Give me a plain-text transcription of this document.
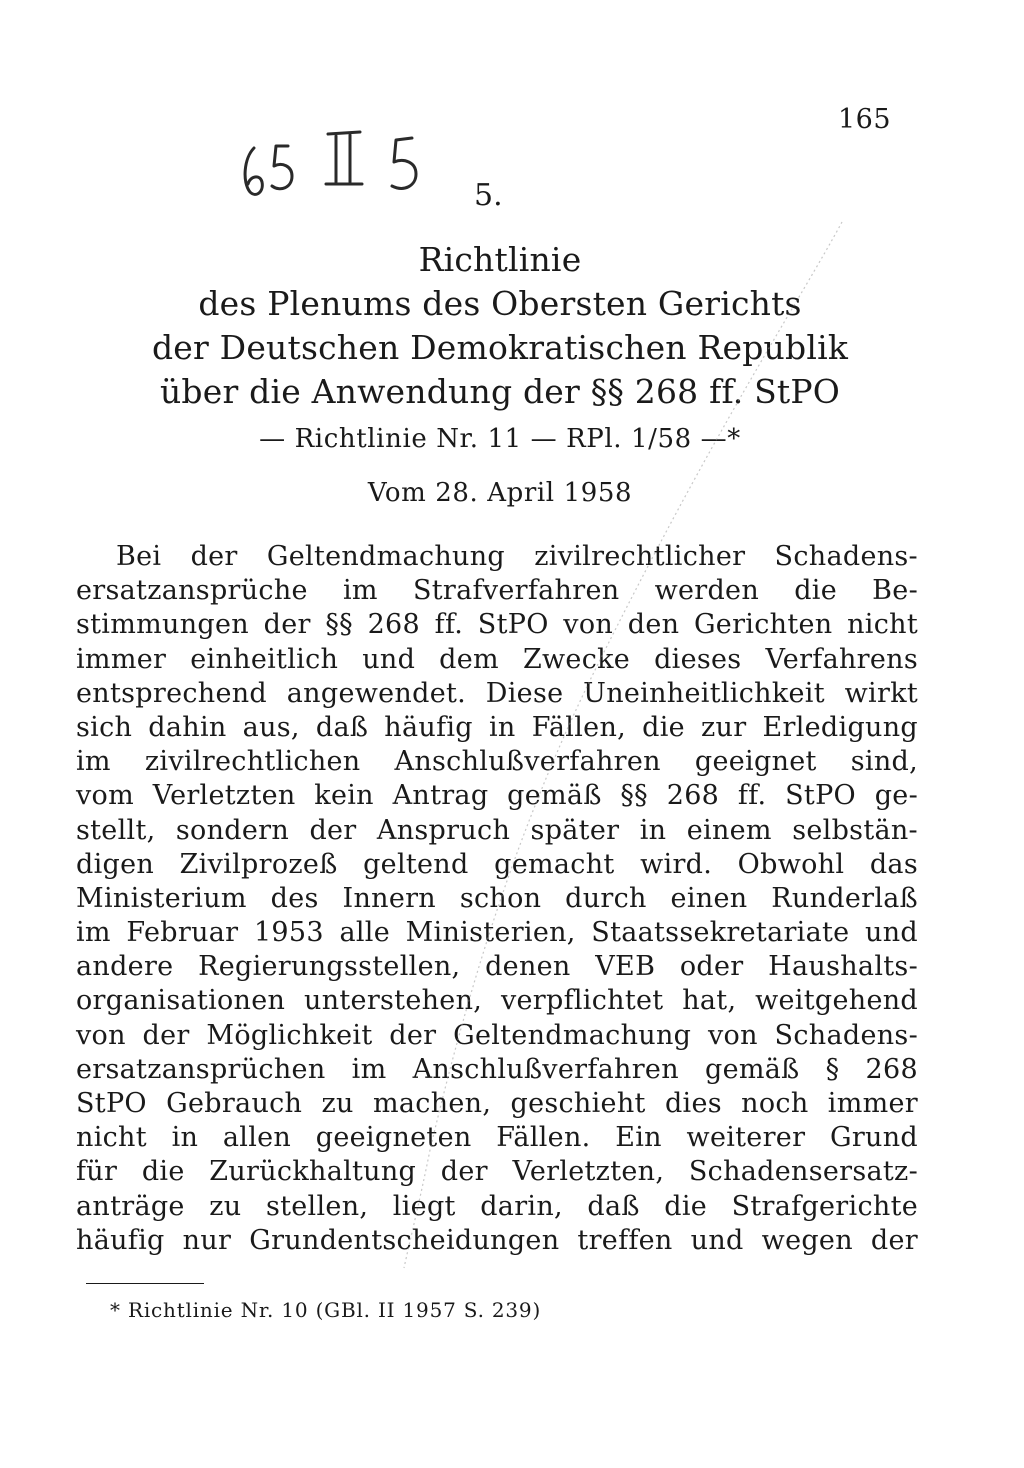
165
5.
Richtlinie
des Plenums des Obersten Gerichts
der Deutschen Demokratischen Republik
über die Anwendung der §§ 268 ff. StPO
— Richtlinie Nr. 11 — RPl. 1/58 —*
Vom 28. April 1958
Bei der Geltendmachung zivilrechtlicher Schadens-
ersatzansprüche im Strafverfahren werden die Be-
stimmungen der §§ 268 ff. StPO von den Gerichten nicht
immer einheitlich und dem Zwecke dieses Verfahrens
entsprechend angewendet. Diese Uneinheitlichkeit wirkt
sich dahin aus, daß häufig in Fällen, die zur Erledigung
im zivilrechtlichen Anschlußverfahren geeignet sind,
vom Verletzten kein Antrag gemäß §§ 268 ff. StPO ge-
stellt, sondern der Anspruch später in einem selbstän-
digen Zivilprozeß geltend gemacht wird. Obwohl das
Ministerium des Innern schon durch einen Runderlaß
im Februar 1953 alle Ministerien, Staatssekretariate und
andere Regierungsstellen, denen VEB oder Haushalts-
organisationen unterstehen, verpflichtet hat, weitgehend
von der Möglichkeit der Geltendmachung von Schadens-
ersatzansprüchen im Anschlußverfahren gemäß § 268
StPO Gebrauch zu machen, geschieht dies noch immer
nicht in allen geeigneten Fällen. Ein weiterer Grund
für die Zurückhaltung der Verletzten, Schadensersatz-
anträge zu stellen, liegt darin, daß die Strafgerichte
häufig nur Grundentscheidungen treffen und wegen der
* Richtlinie Nr. 10 (GBl. II 1957 S. 239)
